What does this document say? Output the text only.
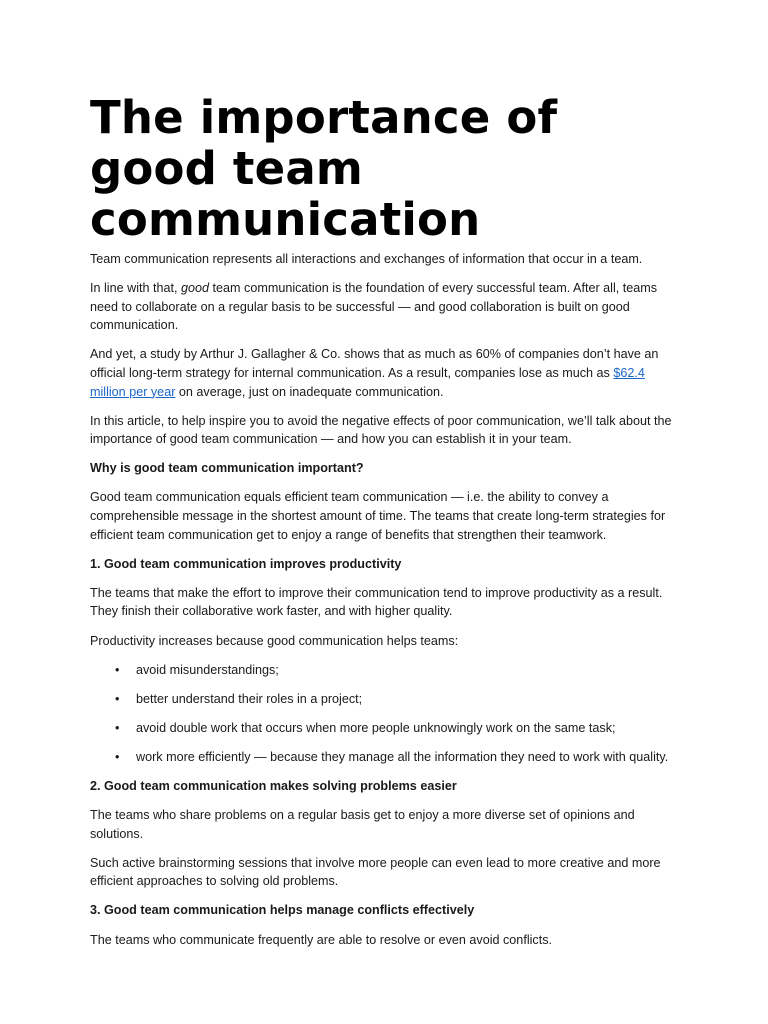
The importance of good team communication

Team communication represents all interactions and exchanges of information that occur in a team.

In line with that, good team communication is the foundation of every successful team. After all, teams need to collaborate on a regular basis to be successful — and good collaboration is built on good communication.

And yet, a study by Arthur J. Gallagher & Co. shows that as much as 60% of companies don’t have an official long-term strategy for internal communication. As a result, companies lose as much as $62.4 million per year on average, just on inadequate communication.

In this article, to help inspire you to avoid the negative effects of poor communication, we’ll talk about the importance of good team communication — and how you can establish it in your team.

Why is good team communication important?

Good team communication equals efficient team communication — i.e. the ability to convey a comprehensible message in the shortest amount of time. The teams that create long-term strategies for efficient team communication get to enjoy a range of benefits that strengthen their teamwork.

1. Good team communication improves productivity

The teams that make the effort to improve their communication tend to improve productivity as a result. They finish their collaborative work faster, and with higher quality.

Productivity increases because good communication helps teams:

• avoid misunderstandings;
• better understand their roles in a project;
• avoid double work that occurs when more people unknowingly work on the same task;
• work more efficiently — because they manage all the information they need to work with quality.

2. Good team communication makes solving problems easier

The teams who share problems on a regular basis get to enjoy a more diverse set of opinions and solutions.

Such active brainstorming sessions that involve more people can even lead to more creative and more efficient approaches to solving old problems.

3. Good team communication helps manage conflicts effectively

The teams who communicate frequently are able to resolve or even avoid conflicts.
